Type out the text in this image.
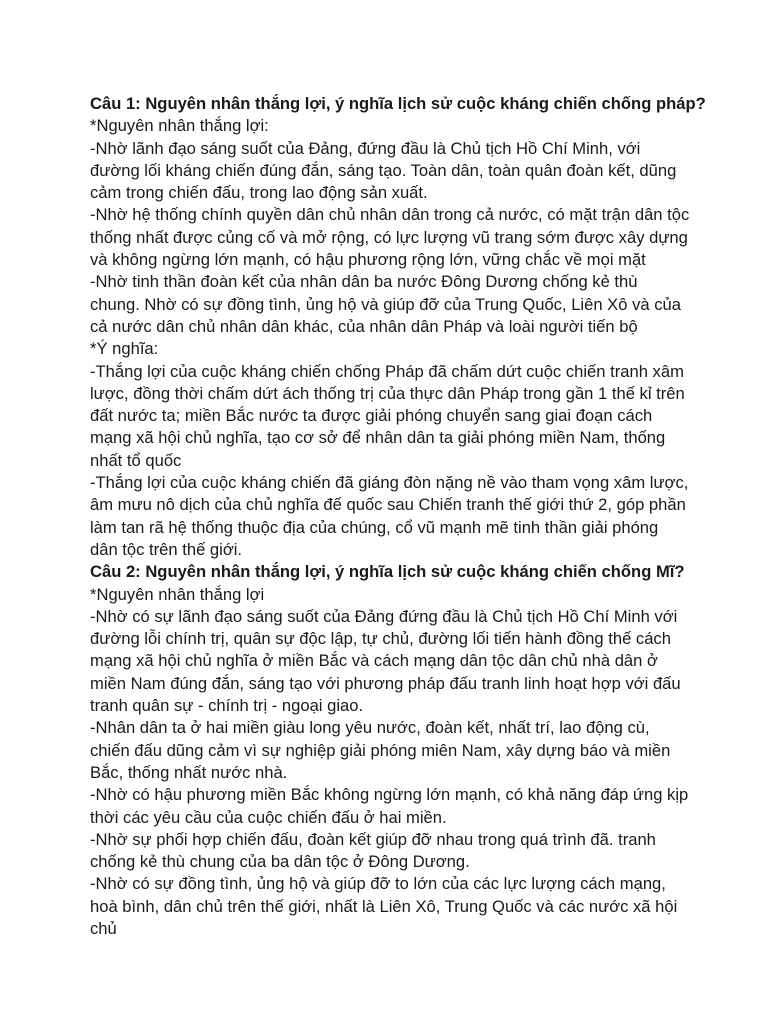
Câu 1: Nguyên nhân thắng lợi, ý nghĩa lịch sử cuộc kháng chiến chống pháp?

*Nguyên nhân thắng lợi:

-Nhờ lãnh đạo sáng suốt của Đảng, đứng đầu là Chủ tịch Hồ Chí Minh, với đường lối kháng chiến đúng đắn, sáng tạo. Toàn dân, toàn quân đoàn kết, dũng cảm trong chiến đấu, trong lao động sản xuất.

-Nhờ hệ thống chính quyền dân chủ nhân dân trong cả nước, có mặt trận dân tộc thống nhất được củng cố và mở rộng, có lực lượng vũ trang sớm được xây dựng và không ngừng lớn mạnh, có hậu phương rộng lớn, vững chắc về mọi mặt

-Nhờ tinh thần đoàn kết của nhân dân ba nước Đông Dương chống kẻ thù chung. Nhờ có sự đồng tình, ủng hộ và giúp đỡ của Trung Quốc, Liên Xô và của cả nước dân chủ nhân dân khác, của nhân dân Pháp và loài người tiến bộ

*Ý nghĩa:

-Thắng lợi của cuộc kháng chiến chống Pháp đã chấm dứt cuộc chiến tranh xâm lược, đồng thời chấm dứt ách thống trị của thực dân Pháp trong gần 1 thế kỉ trên đất nước ta; miền Bắc nước ta được giải phóng chuyển sang giai đoạn cách mạng xã hội chủ nghĩa, tạo cơ sở để nhân dân ta giải phóng miền Nam, thống nhất tổ quốc

-Thắng lợi của cuộc kháng chiến đã giáng đòn nặng nề vào tham vọng xâm lược, âm mưu nô dịch của chủ nghĩa đế quốc sau Chiến tranh thế giới thứ 2, góp phần làm tan rã hệ thống thuộc địa của chúng, cổ vũ mạnh mẽ tinh thần giải phóng dân tộc trên thế giới.

Câu 2: Nguyên nhân thắng lợi, ý nghĩa lịch sử cuộc kháng chiến chống Mĩ?

*Nguyên nhân thắng lợi

-Nhờ có sự lãnh đạo sáng suốt của Đảng đứng đầu là Chủ tịch Hồ Chí Minh với đường lỗi chính trị, quân sự độc lập, tự chủ, đường lối tiến hành đồng thế cách mạng xã hội chủ nghĩa ở miền Bắc và cách mạng dân tộc dân chủ nhà dân ở miền Nam đúng đắn, sáng tạo với phương pháp đấu tranh linh hoạt hợp với đấu tranh quân sự - chính trị - ngoại giao.

-Nhân dân ta ở hai miền giàu long yêu nước, đoàn kết, nhất trí, lao động cù, chiến đấu dũng cảm vì sự nghiệp giải phóng miên Nam, xây dựng báo và miền Bắc, thống nhất nước nhà.

-Nhờ có hậu phương miền Bắc không ngừng lớn mạnh, có khả năng đáp ứng kịp thời các yêu cầu của cuộc chiến đấu ở hai miền.

-Nhờ sự phối hợp chiến đấu, đoàn kết giúp đỡ nhau trong quá trình đã. tranh chống kẻ thù chung của ba dân tộc ở Đông Dương.

-Nhờ có sự đồng tình, ủng hộ và giúp đỡ to lớn của các lực lượng cách mạng, hoà bình, dân chủ trên thế giới, nhất là Liên Xô, Trung Quốc và các nước xã hội chủ
